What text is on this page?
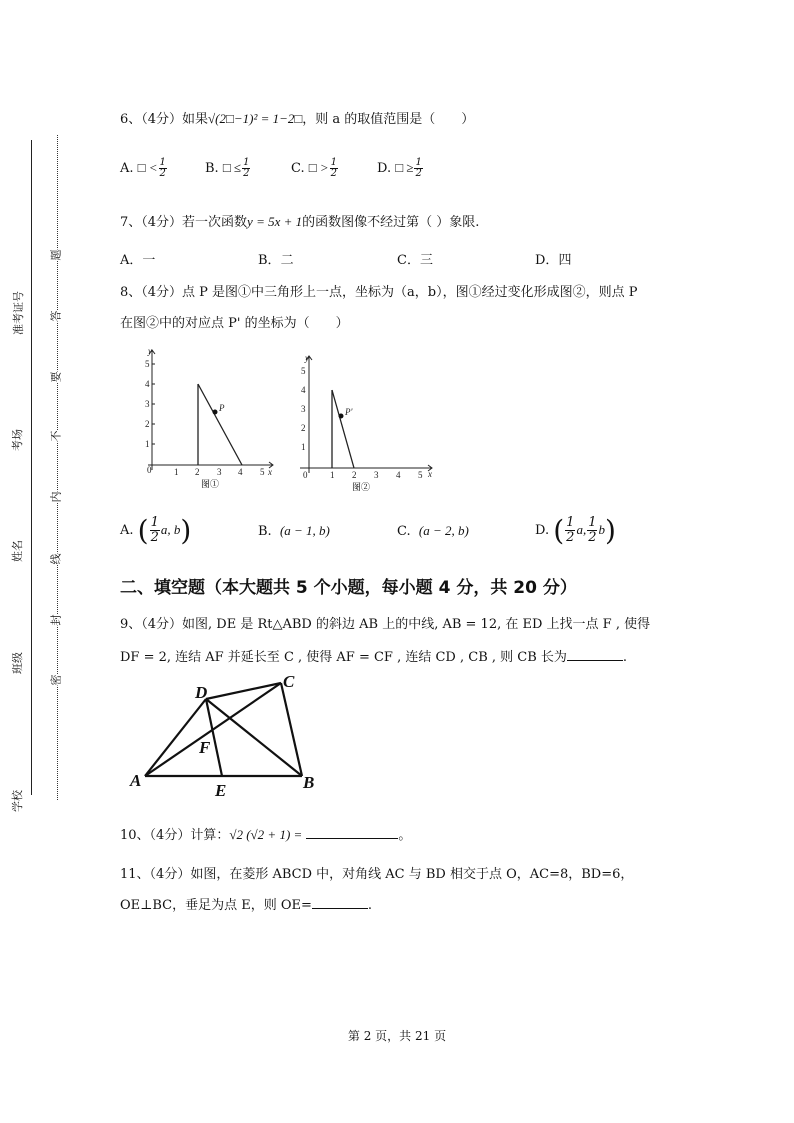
准考证号
考场
姓名
班级
学校
题
答
要
不
内
线
封
密
6、（4分）如果√(2□−1)² = 1−2□，则 a 的取值范围是（　　）
A. □ < $\frac{1}{2}$	B. □ ≤ $\frac{1}{2}$	C. □ > $\frac{1}{2}$	D. □ ≥ $\frac{1}{2}$
7、（4分）若一次函数y = 5x + 1的函数图像不经过第（ ）象限.
A．一	B．二	C．三	D．四
8、（4分）点 P 是图①中三角形上一点，坐标为（a，b），图①经过变化形成图②，则点 P
在图②中的对应点 P' 的坐标为（　　）
y
x
5
4
3
2
1
0	1 2 3 4 5
P
图①
y
x
5
4
3
2
1
0	1 2 3 4 5
P'
图②
A. ( $\frac{1}{2} a$, b)	B. (a − 1, b)	C. (a − 2, b)	D. ( $\frac{1}{2} a$, $\frac{1}{2} b$)
二、填空题（本大题共 5 个小题，每小题 4 分，共 20 分）
9、（4分）如图, DE 是 Rt△ABD 的斜边 AB 上的中线, AB = 12, 在 ED 上找一点 F , 使得
DF = 2, 连结 AF 并延长至 C , 使得 AF = CF , 连结 CD , CB , 则 CB 长为	.
D
C
F
A
E	B
10、（4分）计算：√2 (√2 + 1) =	。
11、（4分）如图，在菱形 ABCD 中，对角线 AC 与 BD 相交于点 O，AC=8，BD=6，
OE⊥BC，垂足为点 E，则 OE=	.
第 2 页，共 21 页
